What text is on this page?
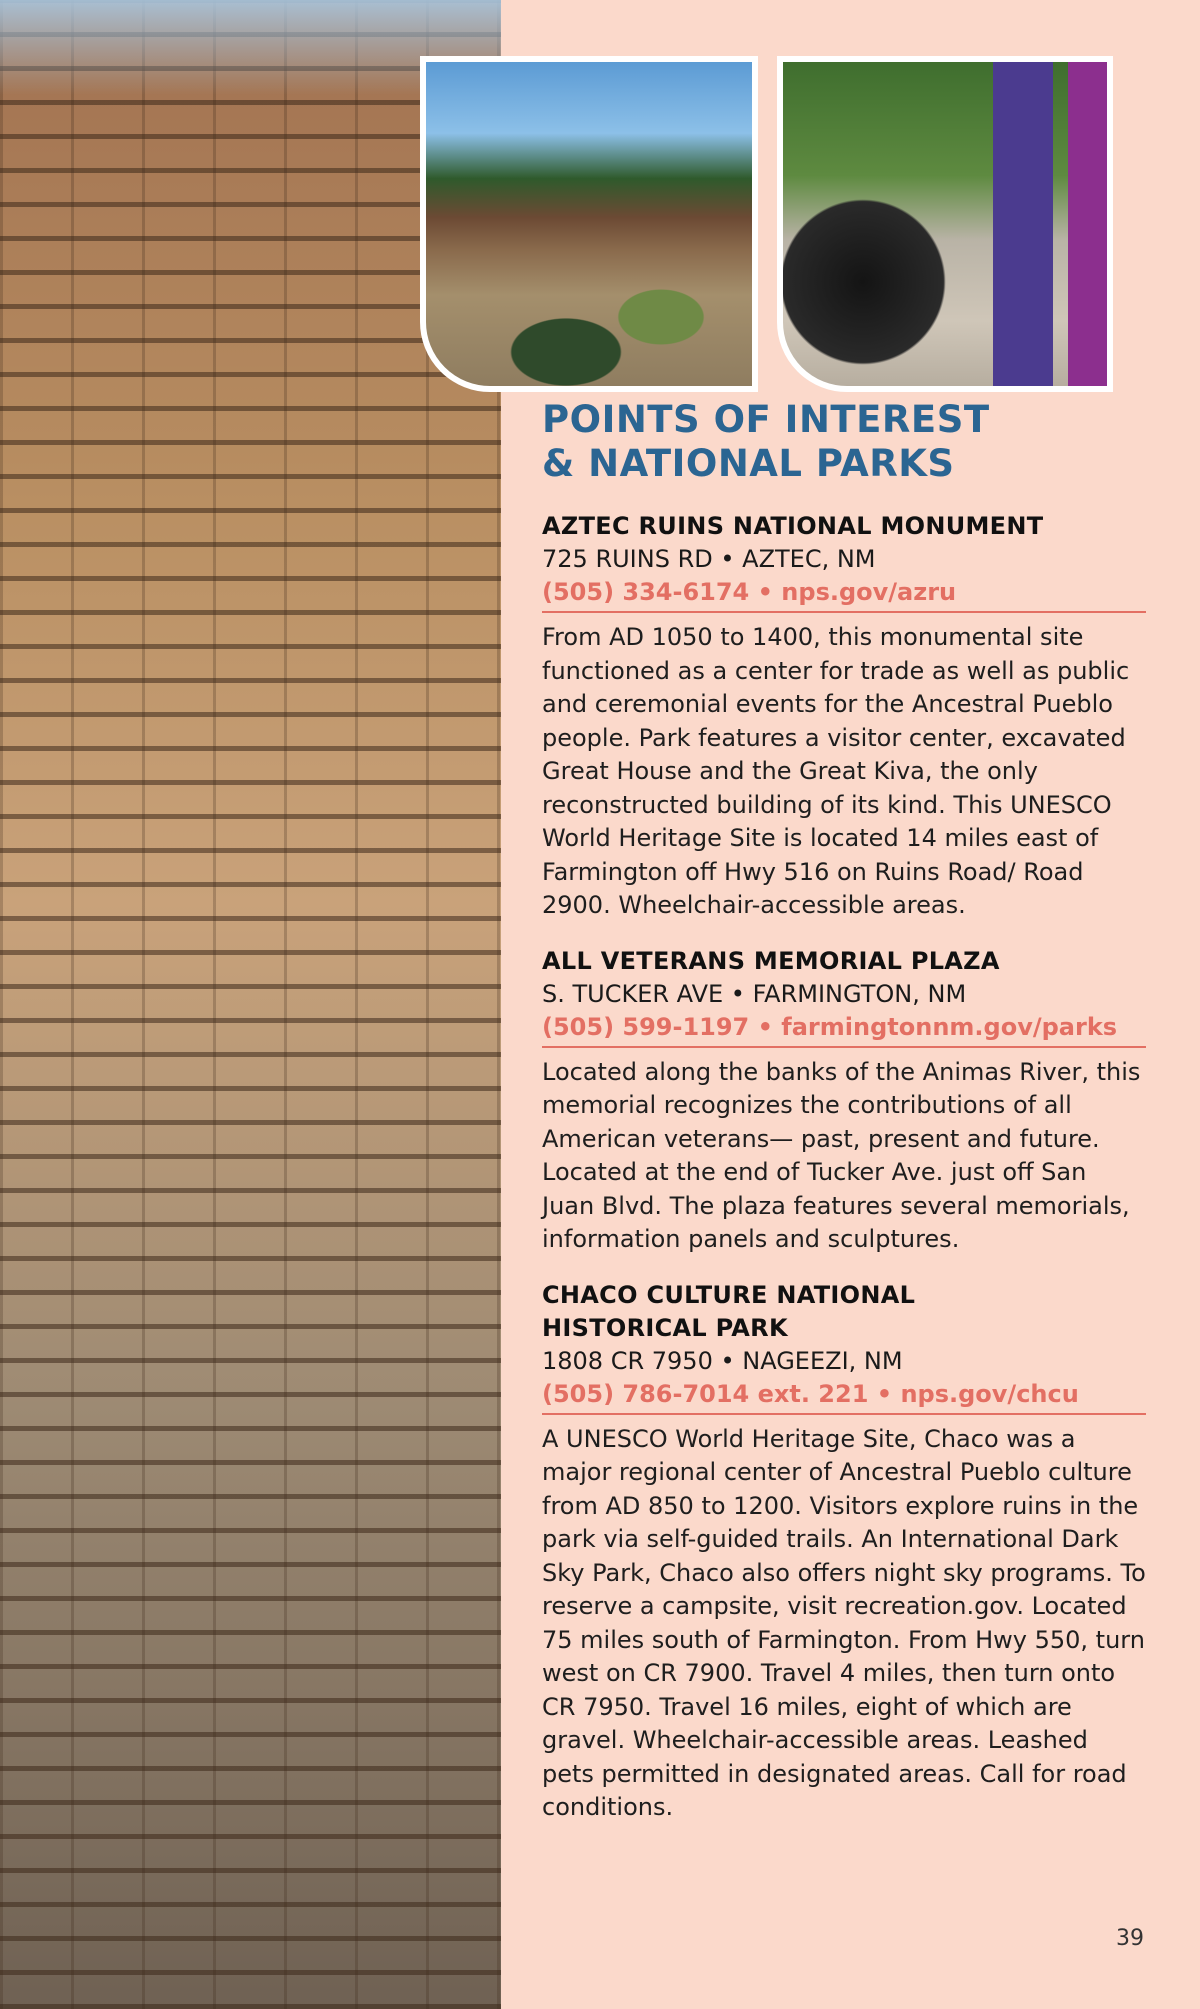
POINTS OF INTEREST
& NATIONAL PARKS

AZTEC RUINS NATIONAL MONUMENT

725 RUINS RD • AZTEC, NM

(505) 334-6174 • nps.gov/azru

From AD 1050 to 1400, this monumental site functioned as a center for trade as well as public and ceremonial events for the Ancestral Pueblo people. Park features a visitor center, excavated Great House and the Great Kiva, the only reconstructed building of its kind. This UNESCO World Heritage Site is located 14 miles east of Farmington off Hwy 516 on Ruins Road/ Road 2900. Wheelchair-accessible areas.

ALL VETERANS MEMORIAL PLAZA

S. TUCKER AVE • FARMINGTON, NM

(505) 599-1197 • farmingtonnm.gov/parks

Located along the banks of the Animas River, this memorial recognizes the contributions of all American veterans— past, present and future. Located at the end of Tucker Ave. just off San Juan Blvd. The plaza features several memorials, information panels and sculptures.

CHACO CULTURE NATIONAL
HISTORICAL PARK

1808 CR 7950 • NAGEEZI, NM

(505) 786-7014 ext. 221 • nps.gov/chcu

A UNESCO World Heritage Site, Chaco was a major regional center of Ancestral Pueblo culture from AD 850 to 1200. Visitors explore ruins in the park via self-guided trails. An International Dark Sky Park, Chaco also offers night sky programs. To reserve a campsite, visit recreation.gov. Located 75 miles south of Farmington. From Hwy 550, turn west on CR 7900. Travel 4 miles, then turn onto CR 7950. Travel 16 miles, eight of which are gravel. Wheelchair-accessible areas. Leashed pets permitted in designated areas. Call for road conditions.

39
